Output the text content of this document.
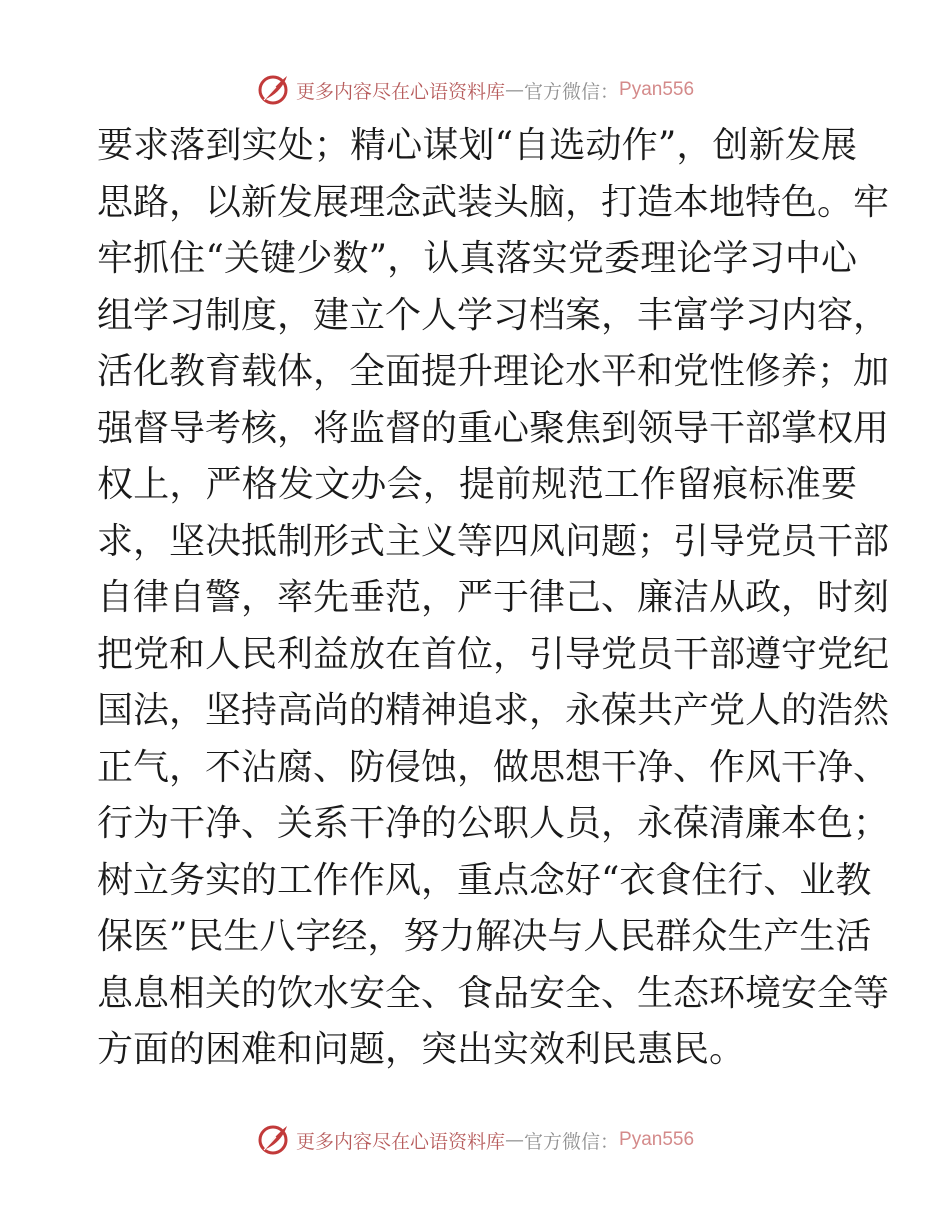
更多内容尽在心语资料库 — 官方微信 ： Pyan556
要求落到实处；精心谋划“自选动作”，创新发展
思路，以新发展理念武装头脑，打造本地特色。牢
牢抓住“关键少数”，认真落实党委理论学习中心
组学习制度，建立个人学习档案，丰富学习内容，
活化教育载体，全面提升理论水平和党性修养；加
强督导考核，将监督的重心聚焦到领导干部掌权用
权上，严格发文办会，提前规范工作留痕标准要
求，坚决抵制形式主义等四风问题；引导党员干部
自律自警，率先垂范，严于律己、廉洁从政，时刻
把党和人民利益放在首位，引导党员干部遵守党纪
国法，坚持高尚的精神追求，永葆共产党人的浩然
正气，不沾腐、防侵蚀，做思想干净、作风干净、
行为干净、关系干净的公职人员，永葆清廉本色；
树立务实的工作作风，重点念好“衣食住行、业教
保医”民生八字经，努力解决与人民群众生产生活
息息相关的饮水安全、食品安全、生态环境安全等
方面的困难和问题，突出实效利民惠民。
更多内容尽在心语资料库 — 官方微信 ： Pyan556
